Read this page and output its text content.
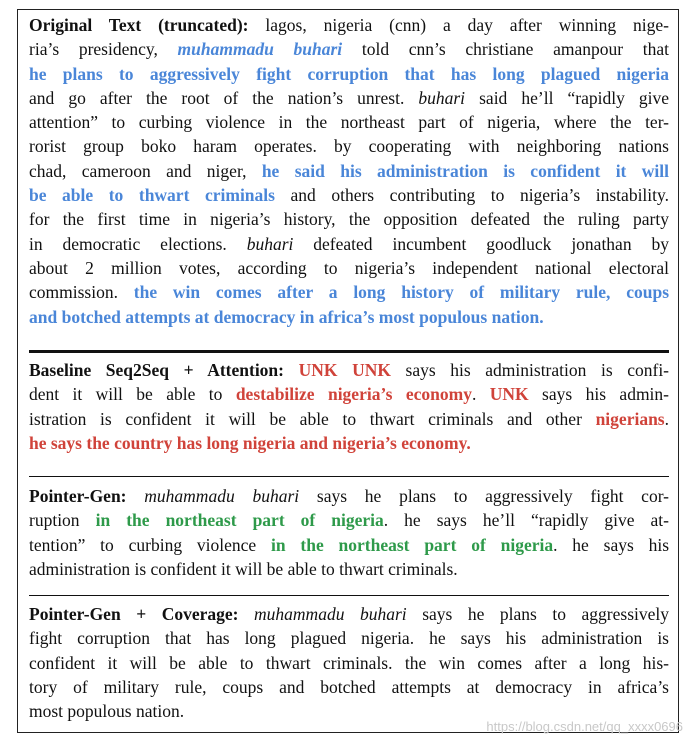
Original Text (truncated): lagos, nigeria (cnn) a day after winning nige-
ria’s presidency, muhammadu buhari told cnn’s christiane amanpour that
he plans to aggressively fight corruption that has long plagued nigeria
and go after the root of the nation’s unrest. buhari said he’ll “rapidly give
attention” to curbing violence in the northeast part of nigeria, where the ter-
rorist group boko haram operates. by cooperating with neighboring nations
chad, cameroon and niger, he said his administration is confident it will
be able to thwart criminals and others contributing to nigeria’s instability.
for the first time in nigeria’s history, the opposition defeated the ruling party
in democratic elections. buhari defeated incumbent goodluck jonathan by
about 2 million votes, according to nigeria’s independent national electoral
commission. the win comes after a long history of military rule, coups
and botched attempts at democracy in africa’s most populous nation.
Baseline Seq2Seq + Attention: UNK UNK says his administration is confi-
dent it will be able to destabilize nigeria’s economy. UNK says his admin-
istration is confident it will be able to thwart criminals and other nigerians.
he says the country has long nigeria and nigeria’s economy.
Pointer-Gen: muhammadu buhari says he plans to aggressively fight cor-
ruption in the northeast part of nigeria. he says he’ll “rapidly give at-
tention” to curbing violence in the northeast part of nigeria. he says his
administration is confident it will be able to thwart criminals.
Pointer-Gen + Coverage: muhammadu buhari says he plans to aggressively
fight corruption that has long plagued nigeria. he says his administration is
confident it will be able to thwart criminals. the win comes after a long his-
tory of military rule, coups and botched attempts at democracy in africa’s
most populous nation.
https://blog.csdn.net/qq_xxxx0696
